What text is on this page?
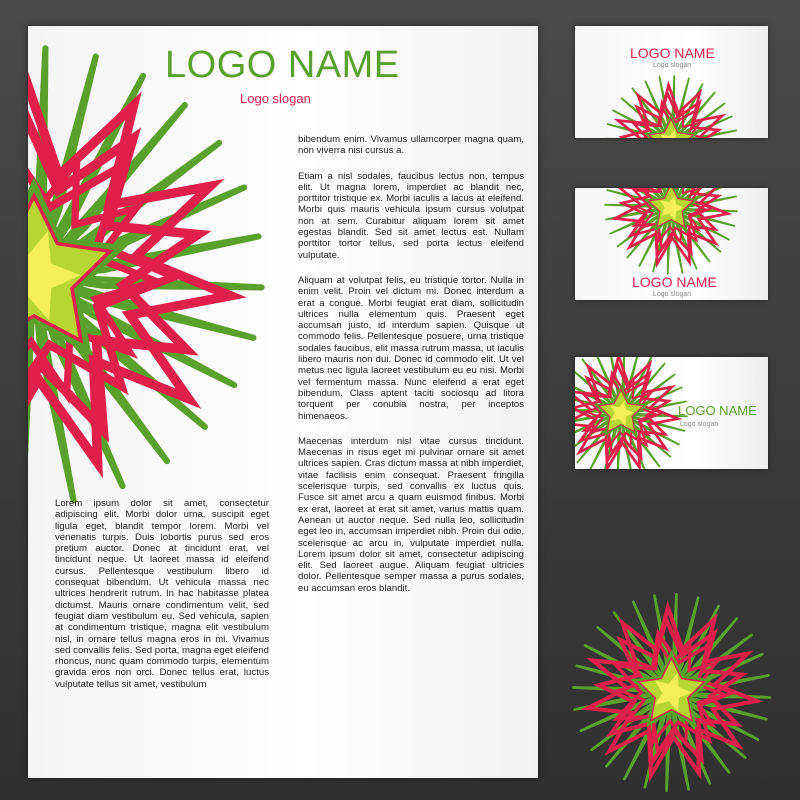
LOGO NAME
Logo slogan

Lorem ipsum dolor sit amet, consectetur adipiscing elit. Morbi dolor urna, suscipit eget ligula eget, blandit tempor lorem. Morbi vel venenatis turpis. Duis lobortis purus sed eros pretium auctor. Donec at tincidunt erat, vel tincidunt neque. Ut laoreet massa id eleifend cursus. Pellentesque vestibulum libero id consequat bibendum. Ut vehicula massa nec ultrices hendrerit rutrum. In hac habitasse platea dictumst. Mauris ornare condimentum velit, sed feugiat diam vestibulum eu. Sed vehicula, sapien at condimentum tristique, magna elit vestibulum nisl, in ornare tellus magna eros in mi. Vivamus sed convallis felis. Sed porta, magna eget eleifend rhoncus, nunc quam commodo turpis, elementum gravida eros non orci. Donec tellus erat, luctus vulputate tellus sit amet, vestibulum

bibendum enim. Vivamus ullamcorper magna quam, non viverra nisi cursus a.

Etiam a nisl sodales, faucibus lectus non, tempus elit. Ut magna lorem, imperdiet ac blandit nec, porttitor tristique ex. Morbi iaculis a lacus at eleifend. Morbi quis mauris vehicula ipsum cursus volutpat non at sem. Curabitur aliquam lorem sit amet egestas blandit. Sed sit amet lectus est. Nullam porttitor tortor tellus, sed porta lectus eleifend vulputate.

Aliquam at volutpat felis, eu tristique tortor. Nulla in enim velit. Proin vel dictum mi. Donec interdum a erat a congue. Morbi feugiat erat diam, sollicitudin ultrices nulla elementum quis. Praesent eget accumsan justo, id interdum sapien. Quisque ut commodo felis. Pellentesque posuere, urna tristique sodales faucibus, elit massa rutrum massa, ut iaculis libero mauris non dui. Donec id commodo elit. Ut vel metus nec ligula laoreet vestibulum eu eu nisi. Morbi vel fermentum massa. Nunc eleifend a erat eget bibendum. Class aptent taciti sociosqu ad litora torquent per conubia nostra, per inceptos himenaeos.

Maecenas interdum nisl vitae cursus tincidunt. Maecenas in risus eget mi pulvinar ornare sit amet ultrices sapien. Cras dictum massa at nibh imperdiet, vitae facilisis enim consequat. Praesent fringilla scelerisque turpis, sed convallis ex luctus quis. Fusce sit amet arcu a quam euismod finibus. Morbi ex erat, laoreet at erat sit amet, varius mattis quam. Aenean ut auctor neque. Sed nulla leo, sollicitudin eget leo in, accumsan imperdiet nibh. Proin dui odio, scelerisque ac arcu in, vulputate imperdiet nulla. Lorem ipsum dolor sit amet, consectetur adipiscing elit. Sed laoreet augue. Aliquam feugiat ultricies dolor. Pellentesque semper massa a purus sodales, eu accumsan eros blandit.

LOGO NAME
Logo slogan
LOGO NAME
Logo slogan
LOGO NAME
Logo slogan
